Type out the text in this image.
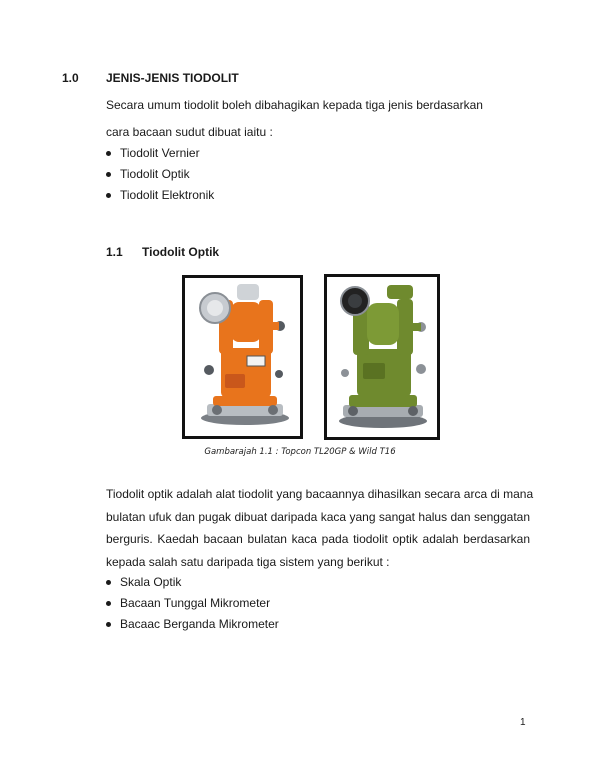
1.0 JENIS-JENIS TIODOLIT
Secara umum tiodolit boleh dibahagikan kepada tiga jenis berdasarkan
cara bacaan sudut dibuat iaitu :
Tiodolit Vernier
Tiodolit Optik
Tiodolit Elektronik
1.1 Tiodolit Optik
Gambarajah 1.1 : Topcon TL20GP & Wild T16
Tiodolit optik adalah alat tiodolit yang bacaannya dihasilkan secara arca di mana
bulatan ufuk dan pugak dibuat daripada kaca yang sangat halus dan senggatan
berguris. Kaedah bacaan bulatan kaca pada tiodolit optik adalah berdasarkan
kepada salah satu daripada tiga sistem yang berikut :
Skala Optik
Bacaan Tunggal Mikrometer
Bacaac Berganda Mikrometer
1
